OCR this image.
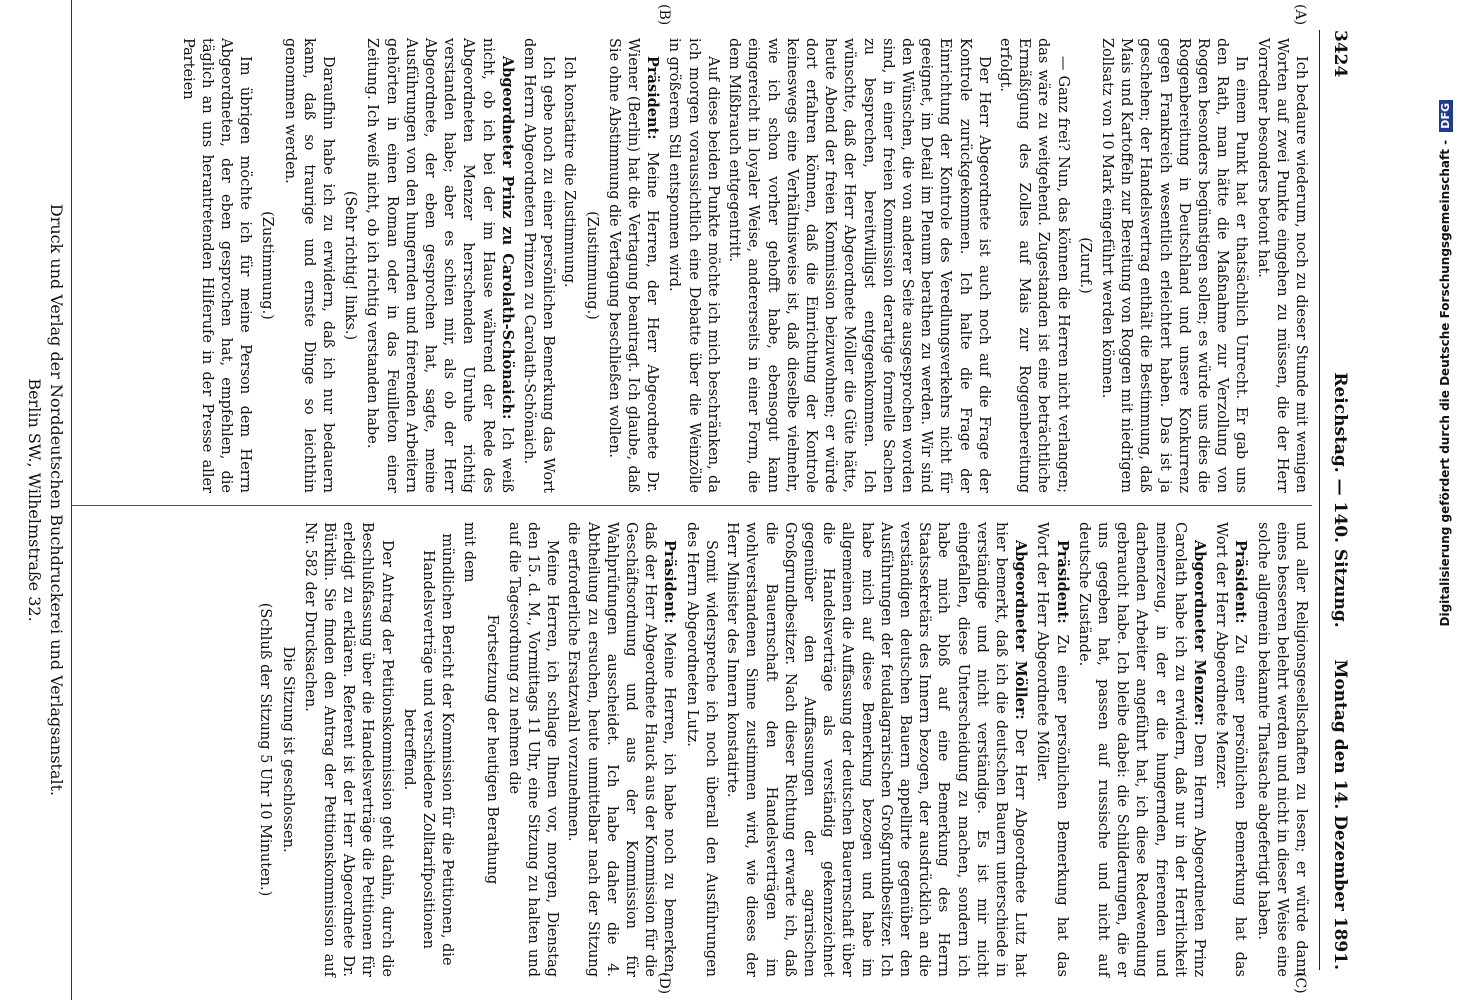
3424
Reichstag. — 140. Sitzung.
Montag den 14. Dezember 1891.
(A)
(B)
(C)
(D)

Ich bedaure wiederum, noch zu dieser Stunde mit wenigen Worten auf zwei Punkte eingehen zu müssen, die der Herr Vorredner besonders betont hat.

In einem Punkt hat er thatsächlich Unrecht. Er gab uns den Rath, man hätte die Maßnahme zur Verzollung von Roggen besonders begünstigen sollen; es würde uns dies die Roggenbereitung in Deutschland und unsere Konkurrenz gegen Frankreich wesentlich erleichtert haben. Das ist ja geschehen; der Handelsvertrag enthält die Bestimmung, daß Mais und Kartoffeln zur Bereitung von Roggen mit niedrigem Zollsatz von 10 Mark eingeführt werden können.

(Zuruf.)

— Ganz frei? Nun, das können die Herren nicht verlangen; das wäre zu weitgehend. Zugestanden ist eine beträchtliche Ermäßigung des Zolles auf Mais zur Roggenbereitung erfolgt.

Der Herr Abgeordnete ist auch noch auf die Frage der Kontrole zurückgekommen. Ich halte die Frage der Einrichtung der Kontrole des Veredlungsverkehrs nicht für geeignet, im Detail im Plenum berathen zu werden. Wir sind den Wünschen, die von anderer Seite ausgesprochen worden sind, in einer freien Kommission derartige formelle Sachen zu besprechen, bereitwilligst entgegenkommen. Ich wünschte, daß der Herr Abgeordnete Möller die Güte hätte, heute Abend der freien Kommission beizuwohnen; er würde dort erfahren können, daß die Einrichtung der Kontrole keineswegs eine Verhältnisweise ist, daß dieselbe vielmehr, wie ich schon vorher gehofft habe, ebensogut kann eingereicht in loyaler Weise, andererseits in einer Form, die dem Mißbrauch entgegentritt.

Auf diese beiden Punkte möchte ich mich beschränken, da ich morgen voraussichtlich eine Debatte über die Weinzölle in größerem Stil entsponnen wird.

Präsident: Meine Herren, der Herr Abgeordnete Dr. Wiener (Berlin) hat die Vertagung beantragt. Ich glaube, daß Sie ohne Abstimmung die Vertagung beschließen wollen.

(Zustimmung.)

Ich konstatire die Zustimmung.

Ich gebe noch zu einer persönlichen Bemerkung das Wort dem Herrn Abgeordneten Prinzen zu Carolath-Schönaich.

Abgeordneter Prinz zu Carolath-Schönaich: Ich weiß nicht, ob ich bei der im Hause während der Rede des Abgeordneten Menzer herrschenden Unruhe richtig verstanden habe; aber es schien mir, als ob der Herr Abgeordnete, der eben gesprochen hat, sagte, meine Ausführungen von den hungernden und frierenden Arbeitern gehörten in einen Roman oder in das Feuilleton einer Zeitung. Ich weiß nicht, ob ich richtig verstanden habe.

(Sehr richtig! links.)

Daraufhin habe ich zu erwidern, daß ich nur bedauern kann, daß so traurige und ernste Dinge so leichthin genommen werden.

(Zustimmung.)

Im übrigen möchte ich für meine Person dem Herrn Abgeordneten, der eben gesprochen hat, empfehlen, die täglich an uns herantretenden Hilferufe in der Presse aller Parteien

und aller Religionsgesellschaften zu lesen; er würde dann eines besseren belehrt werden und nicht in dieser Weise eine solche allgemein bekannte Thatsache abgefertigt haben.

Präsident: Zu einer persönlichen Bemerkung hat das Wort der Herr Abgeordnete Menzer.

Abgeordneter Menzer: Dem Herrn Abgeordneten Prinz Carolath habe ich zu erwidern, daß nur in der Herrlichkeit meinerzeug, in der er die hungernden, frierenden und darbenden Arbeiter angeführt hat, ich diese Redewendung gebraucht habe. Ich bleibe dabei: die Schilderungen, die er uns gegeben hat, passen auf russische und nicht auf deutsche Zustände.

Präsident: Zu einer persönlichen Bemerkung hat das Wort der Herr Abgeordnete Möller.

Abgeordneter Möller: Der Herr Abgeordnete Lutz hat hier bemerkt, daß ich die deutschen Bauern unterschiede in verständige und nicht verständige. Es ist mir nicht eingefallen, diese Unterscheidung zu machen, sondern ich habe mich bloß auf eine Bemerkung des Herrn Staatssekretärs des Innern bezogen, der ausdrücklich an die verständigen deutschen Bauern appellirte gegenüber den Ausführungen der feudalagrarischen Großgrundbesitzer. Ich habe mich auf diese Bemerkung bezogen und habe im allgemeinen die Auffassung der deutschen Bauernschaft über die Handelsverträge als verständig gekennzeichnet gegenüber den Auffassungen der agrarischen Großgrundbesitzer. Nach dieser Richtung erwarte ich, daß die Bauernschaft den Handelsverträgen im wohlverstandenen Sinne zustimmen wird, wie dieses der Herr Minister des Innern konstatirte.

Somit widerspreche ich noch überall den Ausführungen des Herrn Abgeordneten Lutz.

Präsident: Meine Herren, ich habe noch zu bemerken, daß der Herr Abgeordnete Hauck aus der Kommission für die Geschäftsordnung und aus der Kommission für Wahlprüfungen ausscheidet. Ich habe daher die 4. Abtheilung zu ersuchen, heute unmittelbar nach der Sitzung die erforderliche Ersatzwahl vorzunehmen.

Meine Herren, ich schlage Ihnen vor, morgen, Dienstag den 15. d. M., Vormittags 11 Uhr, eine Sitzung zu halten und auf die Tagesordnung zu nehmen die

Fortsetzung der heutigen Berathung

mit dem

mündlichen Bericht der Kommission für die Petitionen, die Handelsverträge und verschiedene Zolltarifpositionen betreffend.

Der Antrag der Petitionskommission geht dahin, durch die Beschlußfassung über die Handelsverträge die Petitionen für erledigt zu erklären. Referent ist der Herr Abgeordnete Dr. Bürklin. Sie finden den Antrag der Petitionskommission auf Nr. 582 der Drucksachen.

Die Sitzung ist geschlossen.

(Schluß der Sitzung 5 Uhr 10 Minuten.)

Druck und Verlag der Norddeutschen Buchdruckerei und Verlagsanstalt.
Berlin SW., Wilhelmstraße 32.	Digitalisierung gefördert durch die Deutsche Forschungsgemeinschaft - DFG
